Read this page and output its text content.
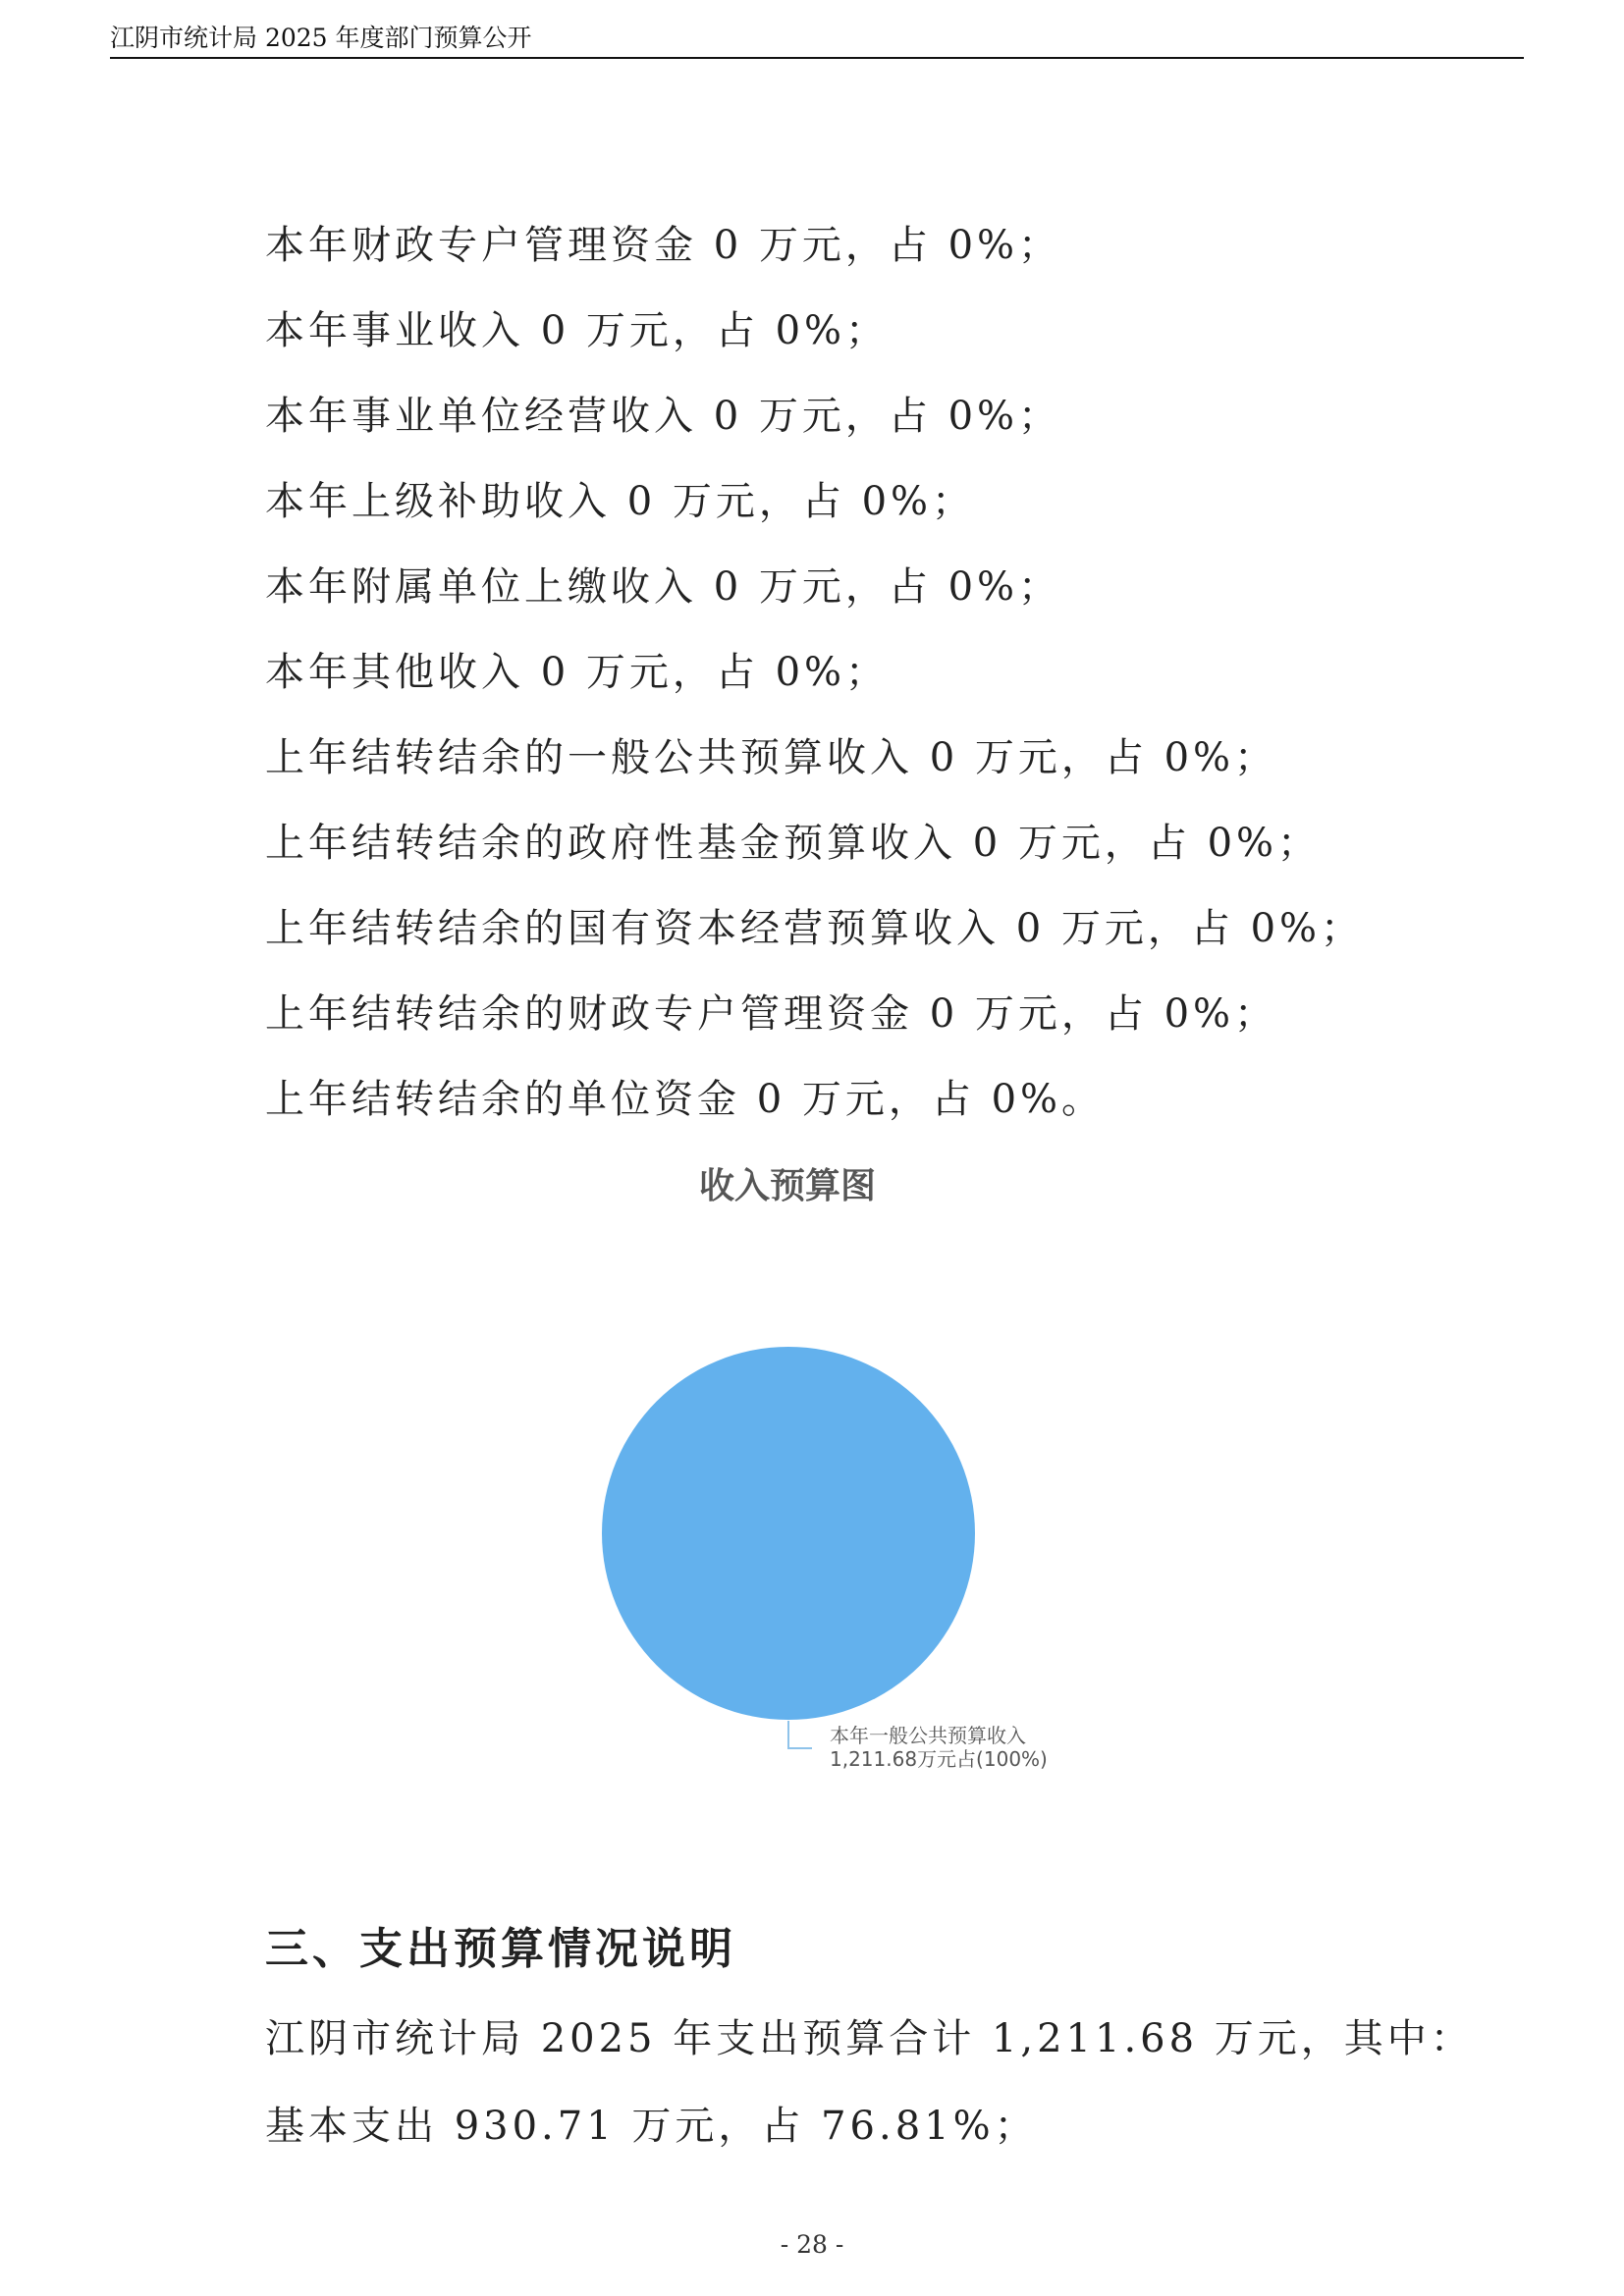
江阴市统计局 2025 年度部门预算公开
本年财政专户管理资金 0 万元，占 0%；
本年事业收入 0 万元，占 0%；
本年事业单位经营收入 0 万元，占 0%；
本年上级补助收入 0 万元，占 0%；
本年附属单位上缴收入 0 万元，占 0%；
本年其他收入 0 万元，占 0%；
上年结转结余的一般公共预算收入 0 万元，占 0%；
上年结转结余的政府性基金预算收入 0 万元，占 0%；
上年结转结余的国有资本经营预算收入 0 万元，占 0%；
上年结转结余的财政专户管理资金 0 万元，占 0%；
上年结转结余的单位资金 0 万元，占 0%。
收入预算图
本年一般公共预算收入
1,211.68万元占(100%)
三、支出预算情况说明
江阴市统计局 2025 年支出预算合计 1,211.68 万元，其中：
基本支出 930.71 万元，占 76.81%；
- 28 -
